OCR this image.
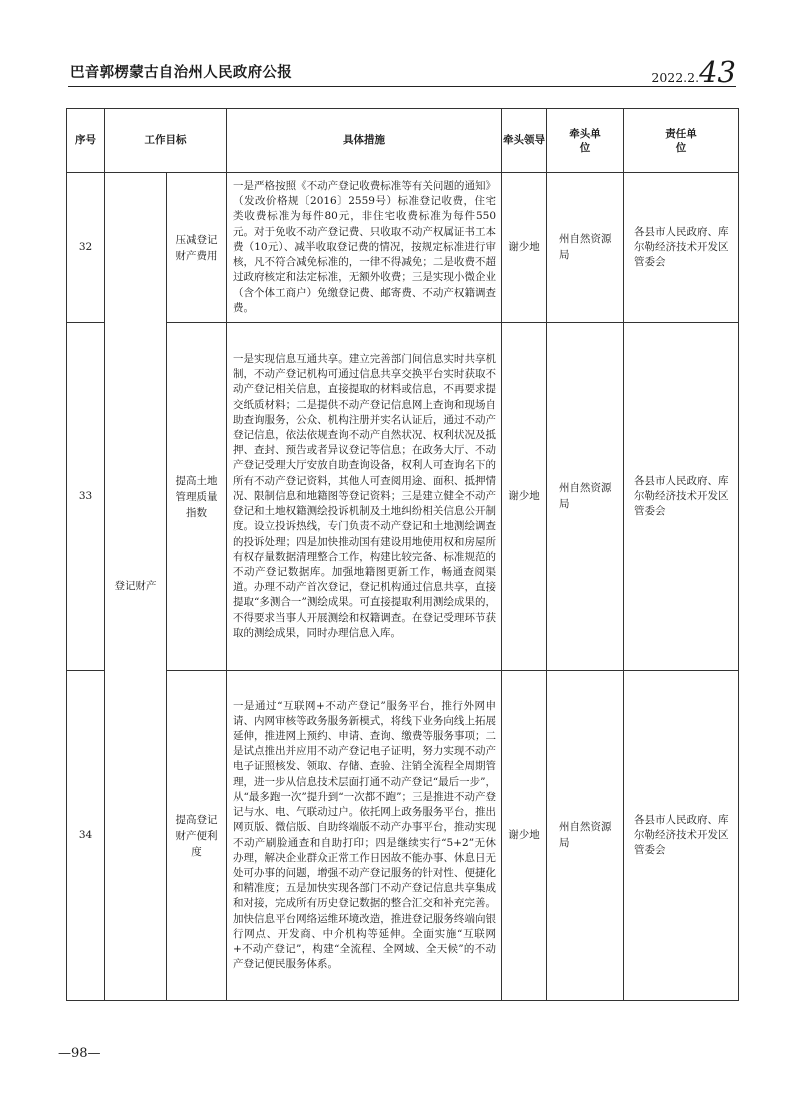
巴音郭楞蒙古自治州人民政府公报	2022.2.43
序号	工作目标		具体措施	牵头领导	牵头单位	责任单位
32	登记财产	压减登记财产费用	一是严格按照《不动产登记收费标准等有关问题的通知》（发改价格规〔2016〕2559号）标准登记收费，住宅类收费标准为每件80元，非住宅收费标准为每件550元。对于免收不动产登记费、只收取不动产权属证书工本费（10元）、减半收取登记费的情况，按规定标准进行审核，凡不符合减免标准的，一律不得减免；二是收费不超过政府核定和法定标准，无额外收费；三是实现小微企业（含个体工商户）免缴登记费、邮寄费、不动产权籍调查费。	谢少地	州自然资源局	各县市人民政府、库尔勒经济技术开发区管委会
33		提高土地管理质量指数	一是实现信息互通共享。建立完善部门间信息实时共享机制，不动产登记机构可通过信息共享交换平台实时获取不动产登记相关信息，直接提取的材料或信息，不再要求提交纸质材料；二是提供不动产登记信息网上查询和现场自助查询服务，公众、机构注册并实名认证后，通过不动产登记信息，依法依规查询不动产自然状况、权利状况及抵押、查封、预告或者异议登记等信息；在政务大厅、不动产登记受理大厅安放自助查询设备，权利人可查询名下的所有不动产登记资料，其他人可查阅用途、面积、抵押情况、限制信息和地籍图等登记资料；三是建立健全不动产登记和土地权籍测绘投诉机制及土地纠纷相关信息公开制度。设立投诉热线，专门负责不动产登记和土地测绘调查的投诉处理；四是加快推动国有建设用地使用权和房屋所有权存量数据清理整合工作，构建比较完备、标准规范的不动产登记数据库。加强地籍图更新工作，畅通查阅渠道。办理不动产首次登记，登记机构通过信息共享，直接提取“多测合一”测绘成果。可直接提取利用测绘成果的，不得要求当事人开展测绘和权籍调查。在登记受理环节获取的测绘成果，同时办理信息入库。	谢少地	州自然资源局	各县市人民政府、库尔勒经济技术开发区管委会
34		提高登记财产便利度	一是通过“互联网+不动产登记”服务平台，推行外网申请、内网审核等政务服务新模式，将线下业务向线上拓展延伸，推进网上预约、申请、查询、缴费等服务事项；二是试点推出并应用不动产登记电子证明，努力实现不动产电子证照核发、领取、存储、查验、注销全流程全周期管理，进一步从信息技术层面打通不动产登记“最后一步”，从“最多跑一次”提升到“一次都不跑”；三是推进不动产登记与水、电、气联动过户。依托网上政务服务平台，推出网页版、微信版、自助终端版不动产办事平台，推动实现不动产刷脸通查和自助打印；四是继续实行“5+2”无休办理，解决企业群众正常工作日因故不能办事、休息日无处可办事的问题，增强不动产登记服务的针对性、便捷化和精准度；五是加快实现各部门不动产登记信息共享集成和对接，完成所有历史登记数据的整合汇交和补充完善。加快信息平台网络运维环境改造，推进登记服务终端向银行网点、开发商、中介机构等延伸。全面实施“互联网+不动产登记”，构建“全流程、全网域、全天候”的不动产登记便民服务体系。	谢少地	州自然资源局	各县市人民政府、库尔勒经济技术开发区管委会
—98—
